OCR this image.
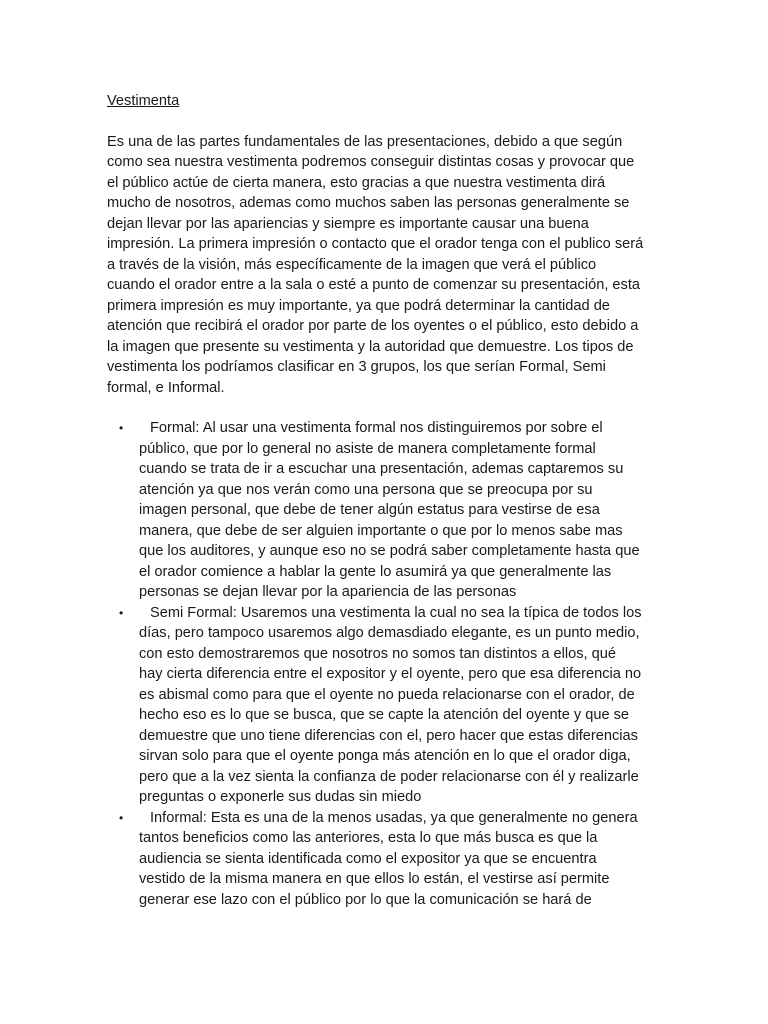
Vestimenta
Es una de las partes fundamentales de las presentaciones, debido a que según
como sea nuestra vestimenta podremos conseguir distintas cosas y provocar que
el público actúe de cierta manera, esto gracias a que nuestra vestimenta dirá
mucho de nosotros, ademas como muchos saben las personas generalmente se
dejan llevar por las apariencias y siempre es importante causar una buena
impresión. La primera impresión o contacto que el orador tenga con el publico será
a través de la visión, más específicamente de la imagen que verá el público
cuando el orador entre a la sala o esté a punto de comenzar su presentación, esta
primera impresión es muy importante, ya que podrá determinar la cantidad de
atención que recibirá el orador por parte de los oyentes o el público, esto debido a
la imagen que presente su vestimenta y la autoridad que demuestre. Los tipos de
vestimenta los podríamos clasificar en 3 grupos, los que serían Formal, Semi
formal, e Informal.
•	Formal: Al usar una vestimenta formal nos distinguiremos por sobre el
público, que por lo general no asiste de manera completamente formal
cuando se trata de ir a escuchar una presentación, ademas captaremos su
atención ya que nos verán como una persona que se preocupa por su
imagen personal, que debe de tener algún estatus para vestirse de esa
manera, que debe de ser alguien importante o que por lo menos sabe mas
que los auditores, y aunque eso no se podrá saber completamente hasta que
el orador comience a hablar la gente lo asumirá ya que generalmente las
personas se dejan llevar por la apariencia de las personas
•	Semi Formal: Usaremos una vestimenta la cual no sea la típica de todos los
días, pero tampoco usaremos algo demasdiado elegante, es un punto medio,
con esto demostraremos que nosotros no somos tan distintos a ellos, qué
hay cierta diferencia entre el expositor y el oyente, pero que esa diferencia no
es abismal como para que el oyente no pueda relacionarse con el orador, de
hecho eso es lo que se busca, que se capte la atención del oyente y que se
demuestre que uno tiene diferencias con el, pero hacer que estas diferencias
sirvan solo para que el oyente ponga más atención en lo que el orador diga,
pero que a la vez sienta la confianza de poder relacionarse con él y realizarle
preguntas o exponerle sus dudas sin miedo
•	Informal: Esta es una de la menos usadas, ya que generalmente no genera
tantos beneficios como las anteriores, esta lo que más busca es que la
audiencia se sienta identificada como el expositor ya que se encuentra
vestido de la misma manera en que ellos lo están, el vestirse así permite
generar ese lazo con el público por lo que la comunicación se hará de
